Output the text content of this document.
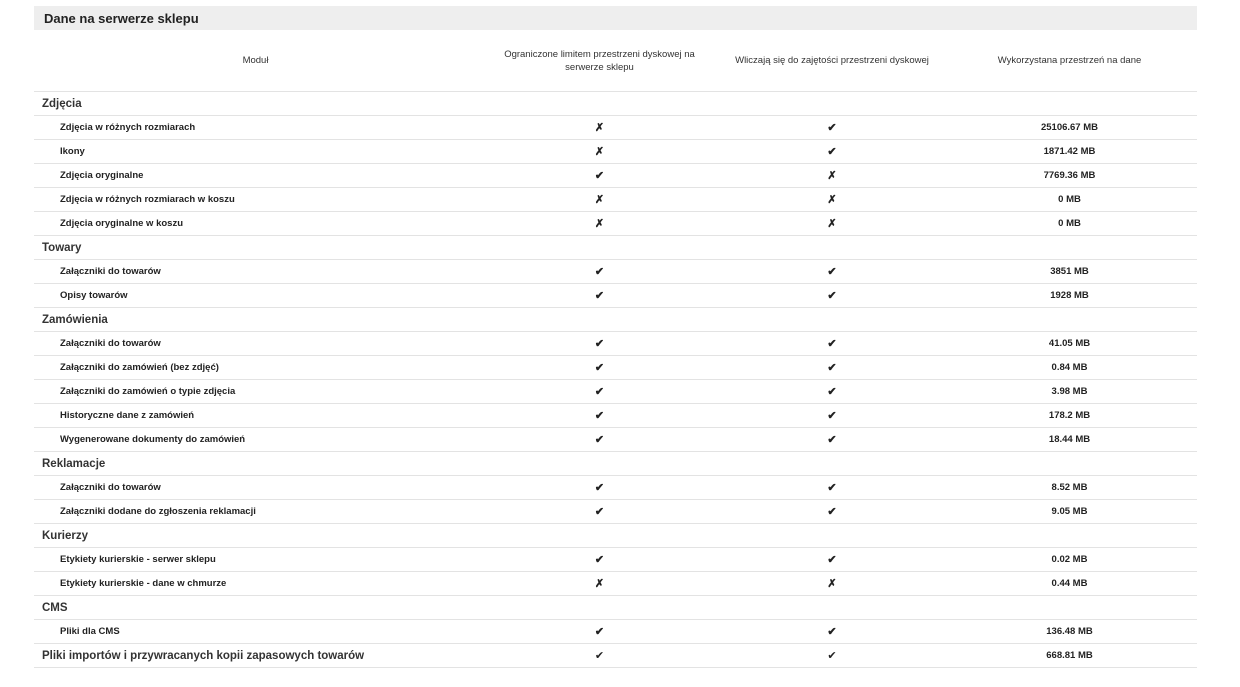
Dane na serwerze sklepu
Moduł	Ograniczone limitem przestrzeni dyskowej na serwerze sklepu	Wliczają się do zajętości przestrzeni dyskowej	Wykorzystana przestrzeń na dane
Zdjęcia			
Zdjęcia w różnych rozmiarach	✗	✔	25106.67 MB
Ikony	✗	✔	1871.42 MB
Zdjęcia oryginalne	✔	✗	7769.36 MB
Zdjęcia w różnych rozmiarach w koszu	✗	✗	0 MB
Zdjęcia oryginalne w koszu	✗	✗	0 MB
Towary			
Załączniki do towarów	✔	✔	3851 MB
Opisy towarów	✔	✔	1928 MB
Zamówienia			
Załączniki do towarów	✔	✔	41.05 MB
Załączniki do zamówień (bez zdjęć)	✔	✔	0.84 MB
Załączniki do zamówień o typie zdjęcia	✔	✔	3.98 MB
Historyczne dane z zamówień	✔	✔	178.2 MB
Wygenerowane dokumenty do zamówień	✔	✔	18.44 MB
Reklamacje			
Załączniki do towarów	✔	✔	8.52 MB
Załączniki dodane do zgłoszenia reklamacji	✔	✔	9.05 MB
Kurierzy			
Etykiety kurierskie - serwer sklepu	✔	✔	0.02 MB
Etykiety kurierskie - dane w chmurze	✗	✗	0.44 MB
CMS			
Pliki dla CMS	✔	✔	136.48 MB
Pliki importów i przywracanych kopii zapasowych towarów	✔	✔	668.81 MB
